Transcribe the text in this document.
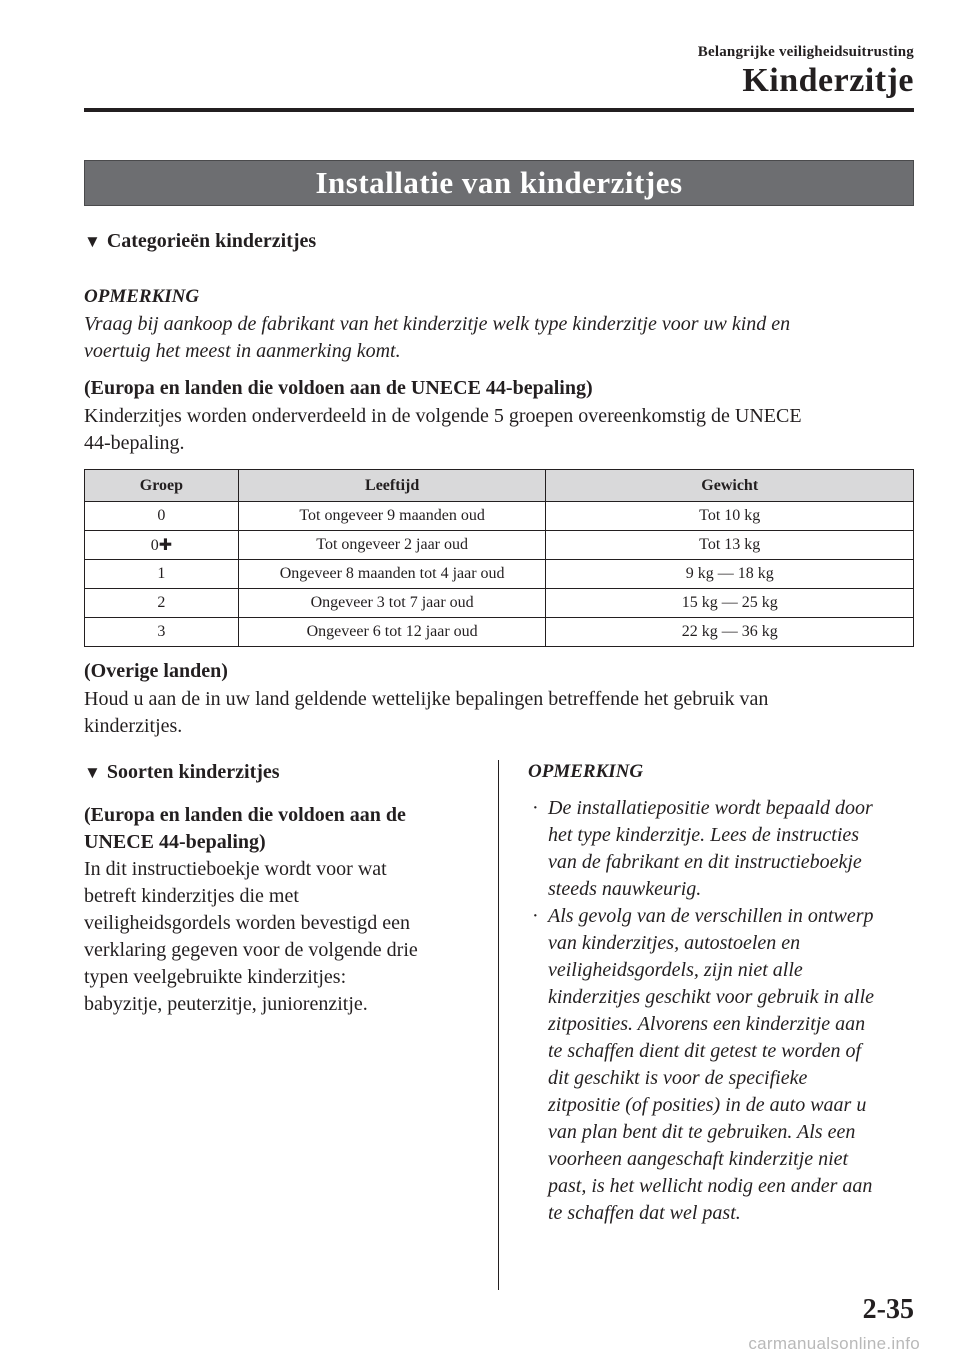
Belangrijke veiligheidsuitrusting
Kinderzitje
Installatie van kinderzitjes
▼ Categorieën kinderzitjes
OPMERKING
Vraag bij aankoop de fabrikant van het kinderzitje welk type kinderzitje voor uw kind en
voertuig het meest in aanmerking komt.
(Europa en landen die voldoen aan de UNECE 44-bepaling)
Kinderzitjes worden onderverdeeld in de volgende 5 groepen overeenkomstig de UNECE
44-bepaling.
Groep	Leeftijd	Gewicht
0	Tot ongeveer 9 maanden oud	Tot 10 kg
0✚	Tot ongeveer 2 jaar oud	Tot 13 kg
1	Ongeveer 8 maanden tot 4 jaar oud	9 kg — 18 kg
2	Ongeveer 3 tot 7 jaar oud	15 kg — 25 kg
3	Ongeveer 6 tot 12 jaar oud	22 kg — 36 kg
(Overige landen)
Houd u aan de in uw land geldende wettelijke bepalingen betreffende het gebruik van
kinderzitjes.
▼ Soorten kinderzitjes
(Europa en landen die voldoen aan de
UNECE 44-bepaling)
In dit instructieboekje wordt voor wat
betreft kinderzitjes die met
veiligheidsgordels worden bevestigd een
verklaring gegeven voor de volgende drie
typen veelgebruikte kinderzitjes:
babyzitje, peuterzitje, juniorenzitje.
OPMERKING
· De installatiepositie wordt bepaald door
het type kinderzitje. Lees de instructies
van de fabrikant en dit instructieboekje
steeds nauwkeurig.
· Als gevolg van de verschillen in ontwerp
van kinderzitjes, autostoelen en
veiligheidsgordels, zijn niet alle
kinderzitjes geschikt voor gebruik in alle
zitposities. Alvorens een kinderzitje aan
te schaffen dient dit getest te worden of
dit geschikt is voor de specifieke
zitpositie (of posities) in de auto waar u
van plan bent dit te gebruiken. Als een
voorheen aangeschaft kinderzitje niet
past, is het wellicht nodig een ander aan
te schaffen dat wel past.
2-35
carmanualsonline.info
